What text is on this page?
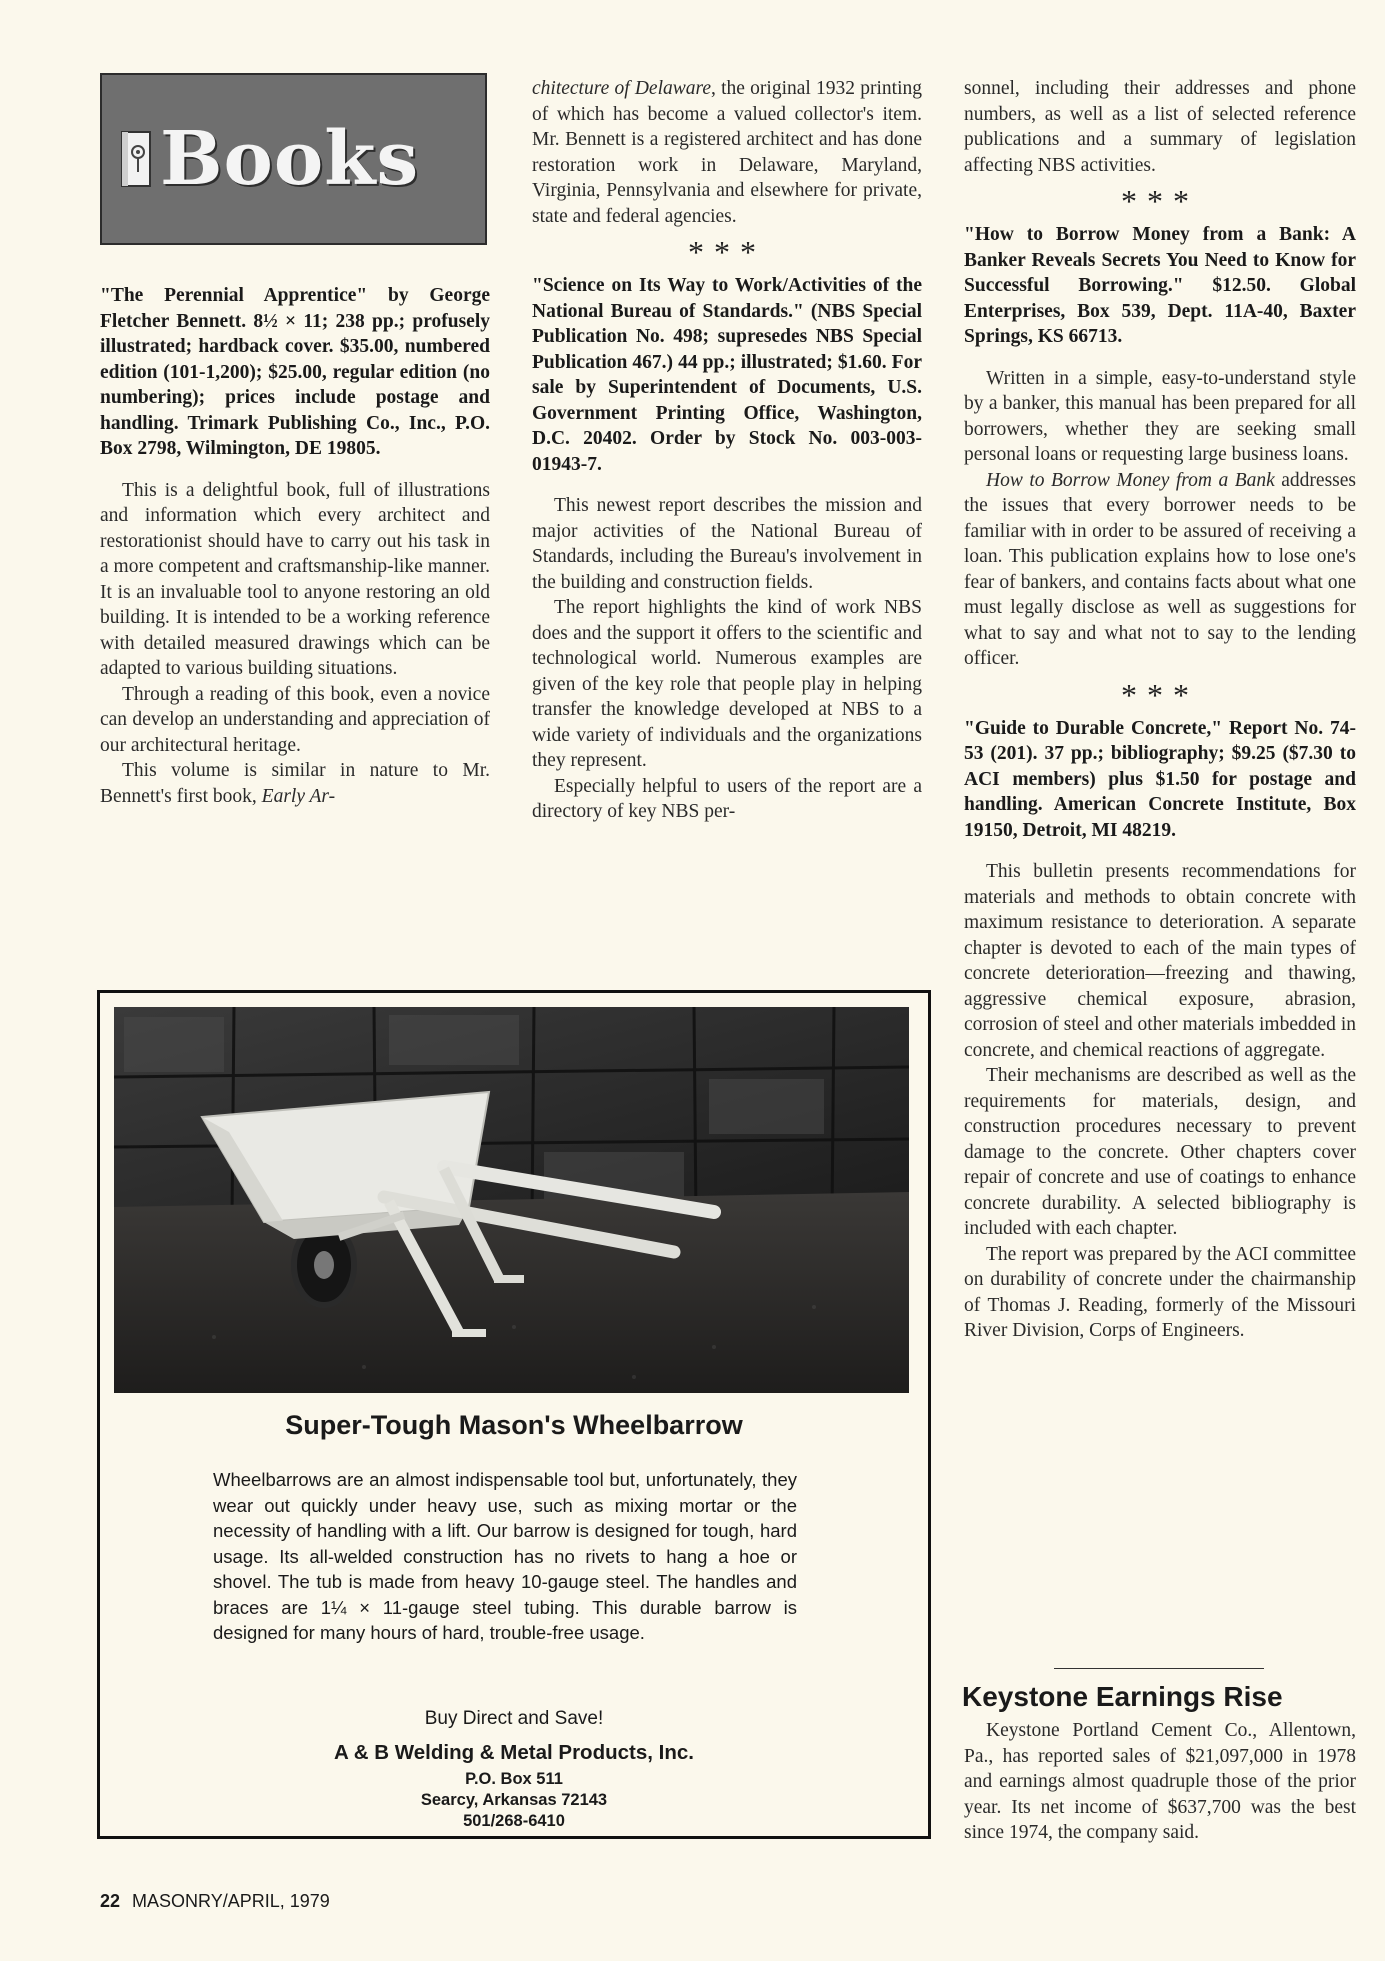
Books

"The Perennial Apprentice" by George Fletcher Bennett. 8½ × 11; 238 pp.; profusely illustrated; hardback cover. $35.00, numbered edition (101-1,200); $25.00, regular edition (no numbering); prices include postage and handling. Trimark Publishing Co., Inc., P.O. Box 2798, Wilmington, DE 19805.

This is a delightful book, full of illustrations and information which every architect and restorationist should have to carry out his task in a more competent and craftsmanship-like manner. It is an invaluable tool to anyone restoring an old building. It is intended to be a working reference with detailed measured drawings which can be adapted to various building situations.

Through a reading of this book, even a novice can develop an understanding and appreciation of our architectural heritage.

This volume is similar in nature to Mr. Bennett's first book, Early Ar-

chitecture of Delaware, the original 1932 printing of which has become a valued collector's item. Mr. Bennett is a registered architect and has done restoration work in Delaware, Maryland, Virginia, Pennsylvania and elsewhere for private, state and federal agencies.

***

"Science on Its Way to Work/Activities of the National Bureau of Standards." (NBS Special Publication No. 498; supresedes NBS Special Publication 467.) 44 pp.; illustrated; $1.60. For sale by Superintendent of Documents, U.S. Government Printing Office, Washington, D.C. 20402. Order by Stock No. 003-003-01943-7.

This newest report describes the mission and major activities of the National Bureau of Standards, including the Bureau's involvement in the building and construction fields.

The report highlights the kind of work NBS does and the support it offers to the scientific and technological world. Numerous examples are given of the key role that people play in helping transfer the knowledge developed at NBS to a wide variety of individuals and the organizations they represent.

Especially helpful to users of the report are a directory of key NBS per-

sonnel, including their addresses and phone numbers, as well as a list of selected reference publications and a summary of legislation affecting NBS activities.

***

"How to Borrow Money from a Bank: A Banker Reveals Secrets You Need to Know for Successful Borrowing." $12.50. Global Enterprises, Box 539, Dept. 11A-40, Baxter Springs, KS 66713.

Written in a simple, easy-to-understand style by a banker, this manual has been prepared for all borrowers, whether they are seeking small personal loans or requesting large business loans.

How to Borrow Money from a Bank addresses the issues that every borrower needs to be familiar with in order to be assured of receiving a loan. This publication explains how to lose one's fear of bankers, and contains facts about what one must legally disclose as well as suggestions for what to say and what not to say to the lending officer.

***

"Guide to Durable Concrete," Report No. 74-53 (201). 37 pp.; bibliography; $9.25 ($7.30 to ACI members) plus $1.50 for postage and handling. American Concrete Institute, Box 19150, Detroit, MI 48219.

This bulletin presents recommendations for materials and methods to obtain concrete with maximum resistance to deterioration. A separate chapter is devoted to each of the main types of concrete deterioration—freezing and thawing, aggressive chemical exposure, abrasion, corrosion of steel and other materials imbedded in concrete, and chemical reactions of aggregate.

Their mechanisms are described as well as the requirements for materials, design, and construction procedures necessary to prevent damage to the concrete. Other chapters cover repair of concrete and use of coatings to enhance concrete durability. A selected bibliography is included with each chapter.

The report was prepared by the ACI committee on durability of concrete under the chairmanship of Thomas J. Reading, formerly of the Missouri River Division, Corps of Engineers.

Keystone Earnings Rise

Keystone Portland Cement Co., Allentown, Pa., has reported sales of $21,097,000 in 1978 and earnings almost quadruple those of the prior year. Its net income of $637,700 was the best since 1974, the company said.

Super-Tough Mason's Wheelbarrow
Wheelbarrows are an almost indispensable tool but, unfortunately, they wear out quickly under heavy use, such as mixing mortar or the necessity of handling with a lift. Our barrow is designed for tough, hard usage. Its all-welded construction has no rivets to hang a hoe or shovel. The tub is made from heavy 10-gauge steel. The handles and braces are 1¼ × 11-gauge steel tubing. This durable barrow is designed for many hours of hard, trouble-free usage.
Buy Direct and Save!
A & B Welding & Metal Products, Inc.
P.O. Box 511
Searcy, Arkansas 72143
501/268-6410
22 MASONRY/APRIL, 1979
